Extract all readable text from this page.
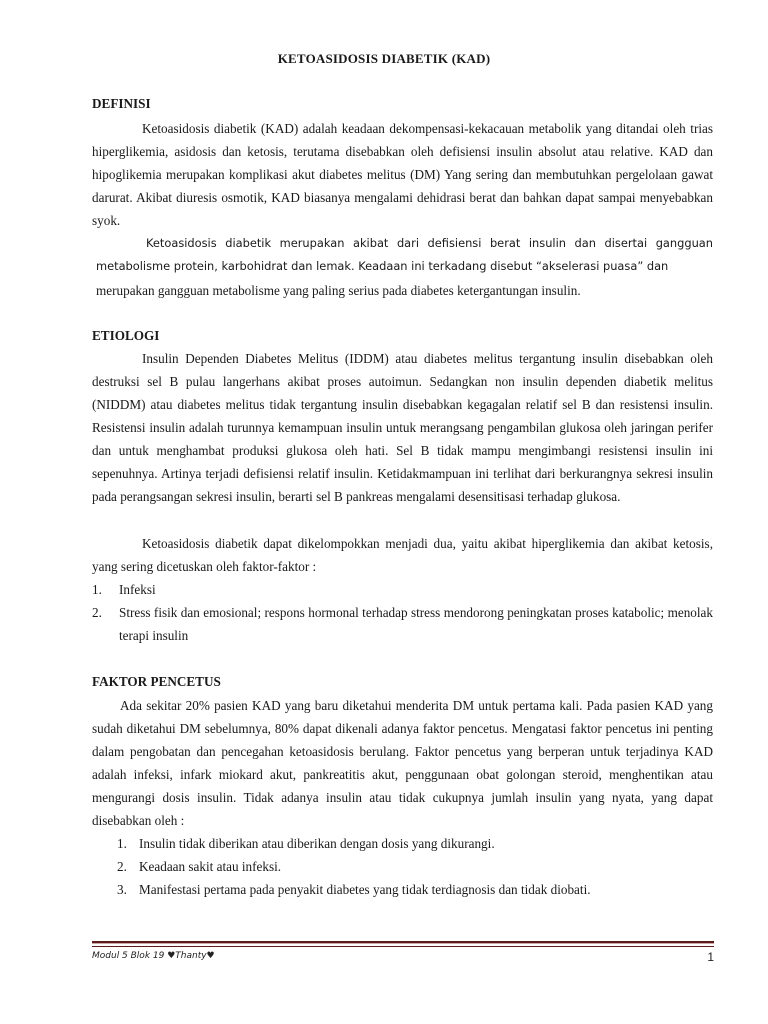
KETOASIDOSIS DIABETIK (KAD)
DEFINISI
Ketoasidosis diabetik (KAD) adalah keadaan dekompensasi-kekacauan metabolik yang ditandai oleh trias hiperglikemia, asidosis dan ketosis, terutama disebabkan oleh defisiensi insulin absolut atau relative. KAD dan hipoglikemia merupakan komplikasi akut diabetes melitus (DM) Yang sering dan membutuhkan pergelolaan gawat darurat. Akibat diuresis osmotik, KAD biasanya mengalami dehidrasi berat dan bahkan dapat sampai menyebabkan syok.
Ketoasidosis diabetik merupakan akibat dari defisiensi berat insulin dan disertai gangguan metabolisme protein, karbohidrat dan lemak. Keadaan ini terkadang disebut “akselerasi puasa” dan
merupakan gangguan metabolisme yang paling serius pada diabetes ketergantungan insulin.
ETIOLOGI
Insulin Dependen Diabetes Melitus (IDDM) atau diabetes melitus tergantung insulin disebabkan oleh destruksi sel B pulau langerhans akibat proses autoimun. Sedangkan non insulin dependen diabetik melitus (NIDDM) atau diabetes melitus tidak tergantung insulin disebabkan kegagalan relatif sel B dan resistensi insulin. Resistensi insulin adalah turunnya kemampuan insulin untuk merangsang pengambilan glukosa oleh jaringan perifer dan untuk menghambat produksi glukosa oleh hati. Sel B tidak mampu mengimbangi resistensi insulin ini sepenuhnya. Artinya terjadi defisiensi relatif insulin. Ketidakmampuan ini terlihat dari berkurangnya sekresi insulin pada perangsangan sekresi insulin, berarti sel B pankreas mengalami desensitisasi terhadap glukosa.
Ketoasidosis diabetik dapat dikelompokkan menjadi dua, yaitu akibat hiperglikemia dan akibat ketosis, yang sering dicetuskan oleh faktor-faktor :
1. Infeksi
2. Stress fisik dan emosional; respons hormonal terhadap stress mendorong peningkatan proses katabolic; menolak terapi insulin
FAKTOR PENCETUS
Ada sekitar 20% pasien KAD yang baru diketahui menderita DM untuk pertama kali. Pada pasien KAD yang sudah diketahui DM sebelumnya, 80% dapat dikenali adanya faktor pencetus. Mengatasi faktor pencetus ini penting dalam pengobatan dan pencegahan ketoasidosis berulang. Faktor pencetus yang berperan untuk terjadinya KAD adalah infeksi, infark miokard akut, pankreatitis akut, penggunaan obat golongan steroid, menghentikan atau mengurangi dosis insulin. Tidak adanya insulin atau tidak cukupnya jumlah insulin yang nyata, yang dapat disebabkan oleh :
1. Insulin tidak diberikan atau diberikan dengan dosis yang dikurangi.
2. Keadaan sakit atau infeksi.
3. Manifestasi pertama pada penyakit diabetes yang tidak terdiagnosis dan tidak diobati.
Modul 5 Blok 19 ♥Thanty♥	1
